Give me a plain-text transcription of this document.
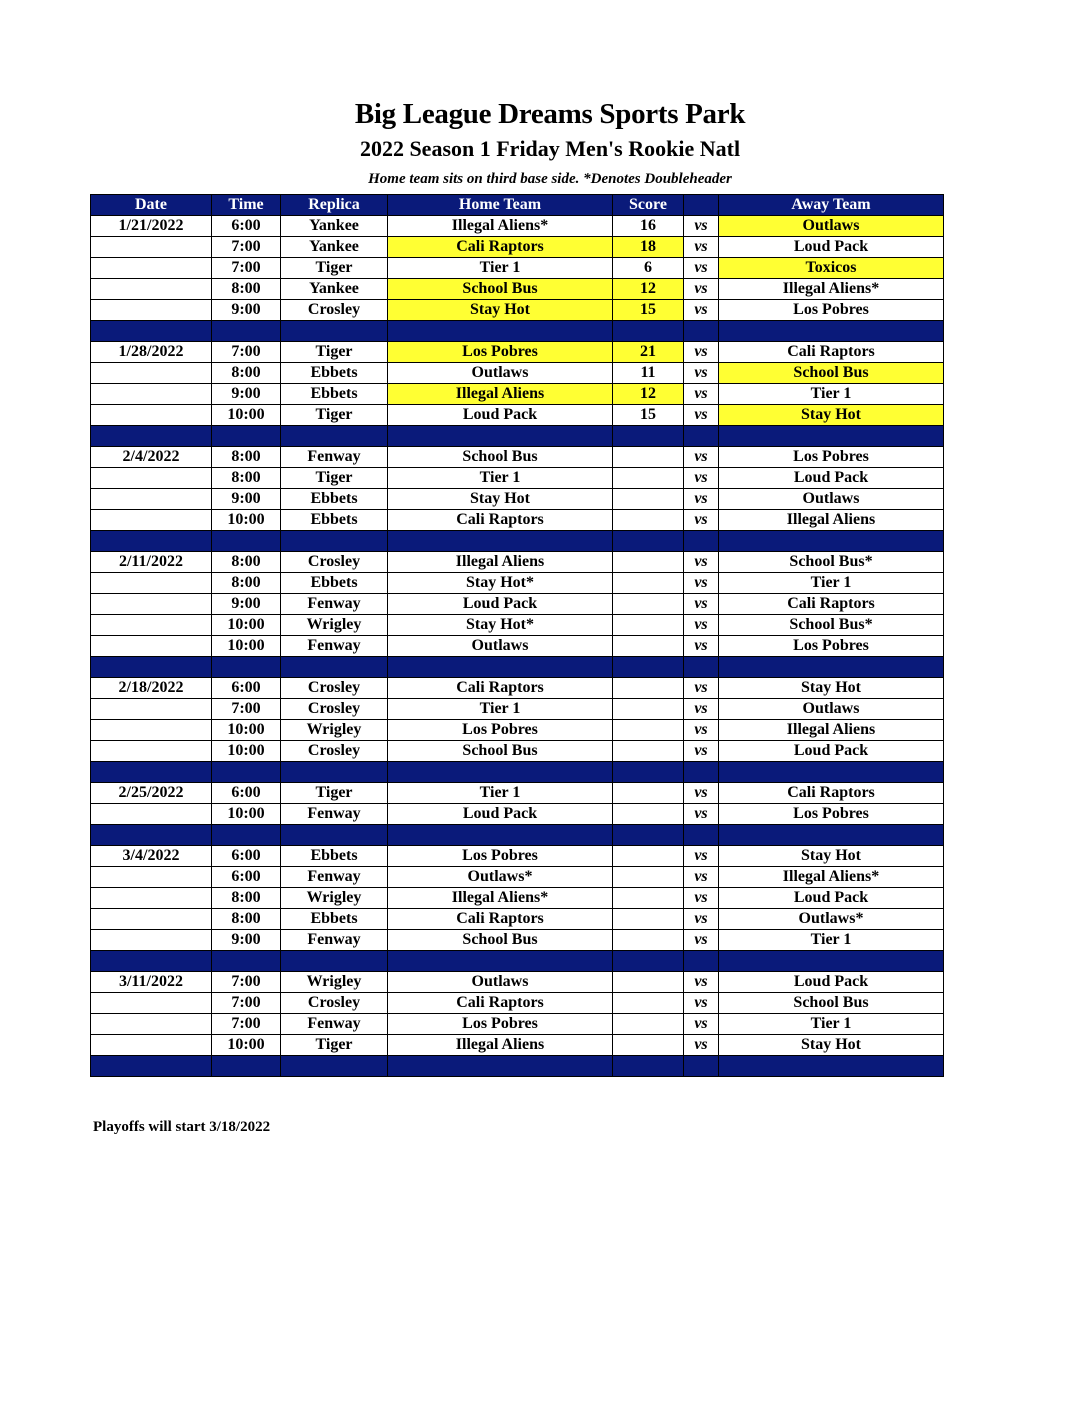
Big League Dreams Sports Park
2022 Season 1 Friday Men's Rookie Natl
Home team sits on third base side. *Denotes Doubleheader
Date	Time	Replica	Home Team	Score		Away Team
1/21/2022	6:00	Yankee	Illegal Aliens*	16	vs	Outlaws
	7:00	Yankee	Cali Raptors	18	vs	Loud Pack
	7:00	Tiger	Tier 1	6	vs	Toxicos
	8:00	Yankee	School Bus	12	vs	Illegal Aliens*
	9:00	Crosley	Stay Hot	15	vs	Los Pobres

1/28/2022	7:00	Tiger	Los Pobres	21	vs	Cali Raptors
	8:00	Ebbets	Outlaws	11	vs	School Bus
	9:00	Ebbets	Illegal Aliens	12	vs	Tier 1
	10:00	Tiger	Loud Pack	15	vs	Stay Hot

2/4/2022	8:00	Fenway	School Bus		vs	Los Pobres
	8:00	Tiger	Tier 1		vs	Loud Pack
	9:00	Ebbets	Stay Hot		vs	Outlaws
	10:00	Ebbets	Cali Raptors		vs	Illegal Aliens

2/11/2022	8:00	Crosley	Illegal Aliens		vs	School Bus*
	8:00	Ebbets	Stay Hot*		vs	Tier 1
	9:00	Fenway	Loud Pack		vs	Cali Raptors
	10:00	Wrigley	Stay Hot*		vs	School Bus*
	10:00	Fenway	Outlaws		vs	Los Pobres

2/18/2022	6:00	Crosley	Cali Raptors		vs	Stay Hot
	7:00	Crosley	Tier 1		vs	Outlaws
	10:00	Wrigley	Los Pobres		vs	Illegal Aliens
	10:00	Crosley	School Bus		vs	Loud Pack

2/25/2022	6:00	Tiger	Tier 1		vs	Cali Raptors
	10:00	Fenway	Loud Pack		vs	Los Pobres

3/4/2022	6:00	Ebbets	Los Pobres		vs	Stay Hot
	6:00	Fenway	Outlaws*		vs	Illegal Aliens*
	8:00	Wrigley	Illegal Aliens*		vs	Loud Pack
	8:00	Ebbets	Cali Raptors		vs	Outlaws*
	9:00	Fenway	School Bus		vs	Tier 1

3/11/2022	7:00	Wrigley	Outlaws		vs	Loud Pack
	7:00	Crosley	Cali Raptors		vs	School Bus
	7:00	Fenway	Los Pobres		vs	Tier 1
	10:00	Tiger	Illegal Aliens		vs	Stay Hot

Playoffs will start 3/18/2022
